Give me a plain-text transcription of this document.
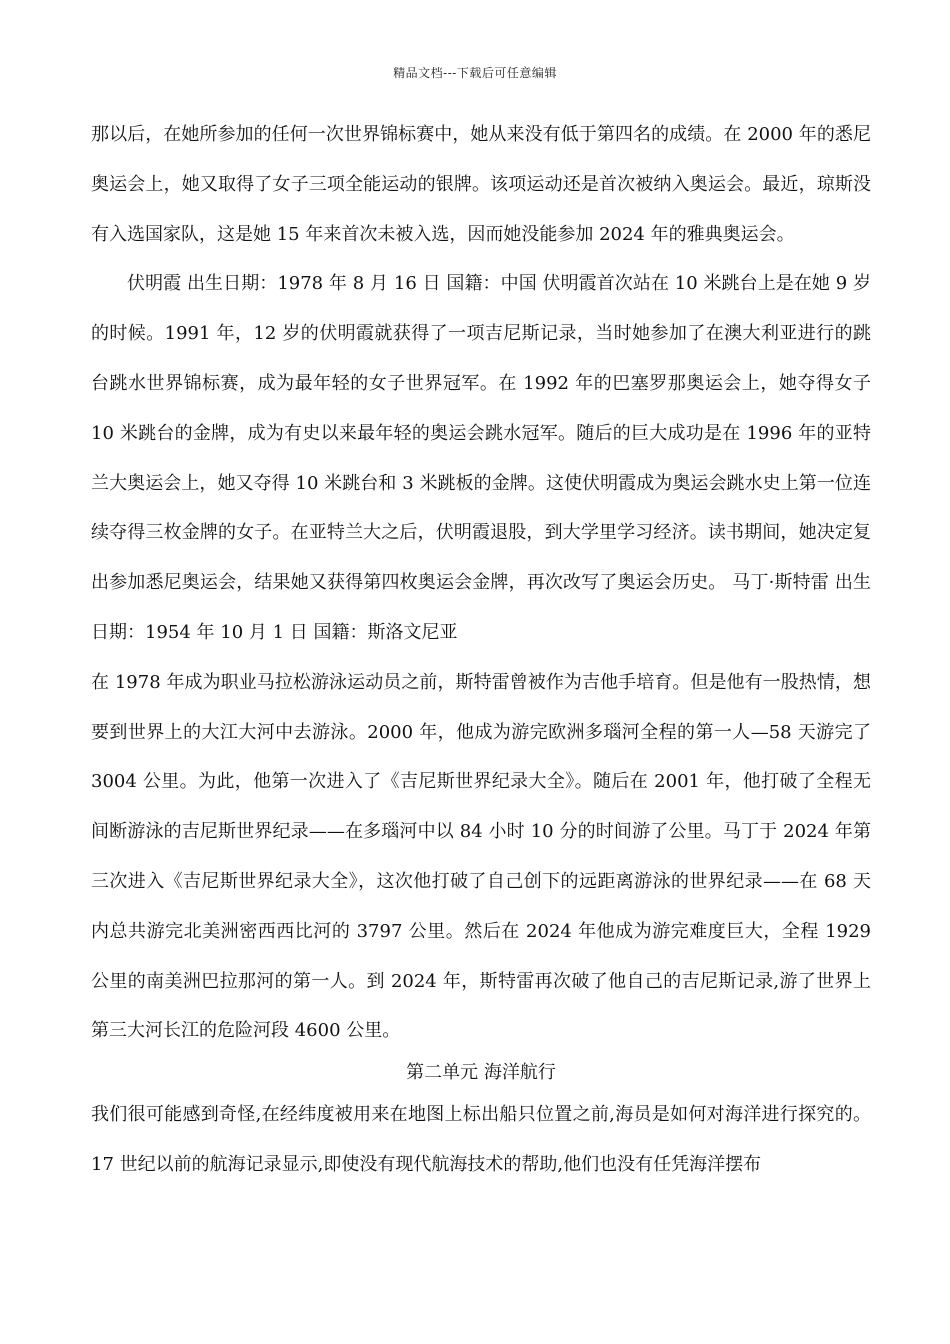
精品文档---下载后可任意编辑

那以后，在她所参加的任何一次世界锦标赛中，她从来没有低于第四名的成绩。在 2000 年的悉尼奥运会上，她又取得了女子三项全能运动的银牌。该项运动还是首次被纳入奥运会。最近，琼斯没有入选国家队，这是她 15 年来首次未被入选，因而她没能参加 2024 年的雅典奥运会。

伏明霞 出生日期：1978 年 8 月 16 日 国籍：中国 伏明霞首次站在 10 米跳台上是在她 9 岁的时候。1991 年，12 岁的伏明霞就获得了一项吉尼斯记录，当时她参加了在澳大利亚进行的跳台跳水世界锦标赛，成为最年轻的女子世界冠军。在 1992 年的巴塞罗那奥运会上，她夺得女子 10 米跳台的金牌，成为有史以来最年轻的奥运会跳水冠军。随后的巨大成功是在 1996 年的亚特兰大奥运会上，她又夺得 10 米跳台和 3 米跳板的金牌。这使伏明霞成为奥运会跳水史上第一位连续夺得三枚金牌的女子。在亚特兰大之后，伏明霞退股，到大学里学习经济。读书期间，她决定复出参加悉尼奥运会，结果她又获得第四枚奥运会金牌，再次改写了奥运会历史。 马丁·斯特雷 出生日期：1954 年 10 月 1 日 国籍：斯洛文尼亚

在 1978 年成为职业马拉松游泳运动员之前，斯特雷曾被作为吉他手培育。但是他有一股热情，想要到世界上的大江大河中去游泳。2000 年，他成为游完欧洲多瑙河全程的第一人—58 天游完了 3004 公里。为此，他第一次进入了《吉尼斯世界纪录大全》。随后在 2001 年，他打破了全程无间断游泳的吉尼斯世界纪录——在多瑙河中以 84 小时 10 分的时间游了公里。马丁于 2024 年第三次进入《吉尼斯世界纪录大全》，这次他打破了自己创下的远距离游泳的世界纪录——在 68 天内总共游完北美洲密西西比河的 3797 公里。然后在 2024 年他成为游完难度巨大，全程 1929 公里的南美洲巴拉那河的第一人。到 2024 年，斯特雷再次破了他自己的吉尼斯记录,游了世界上第三大河长江的危险河段 4600 公里。

第二单元 海洋航行

我们很可能感到奇怪,在经纬度被用来在地图上标出船只位置之前,海员是如何对海洋进行探究的。17 世纪以前的航海记录显示,即使没有现代航海技术的帮助,他们也没有任凭海洋摆布
